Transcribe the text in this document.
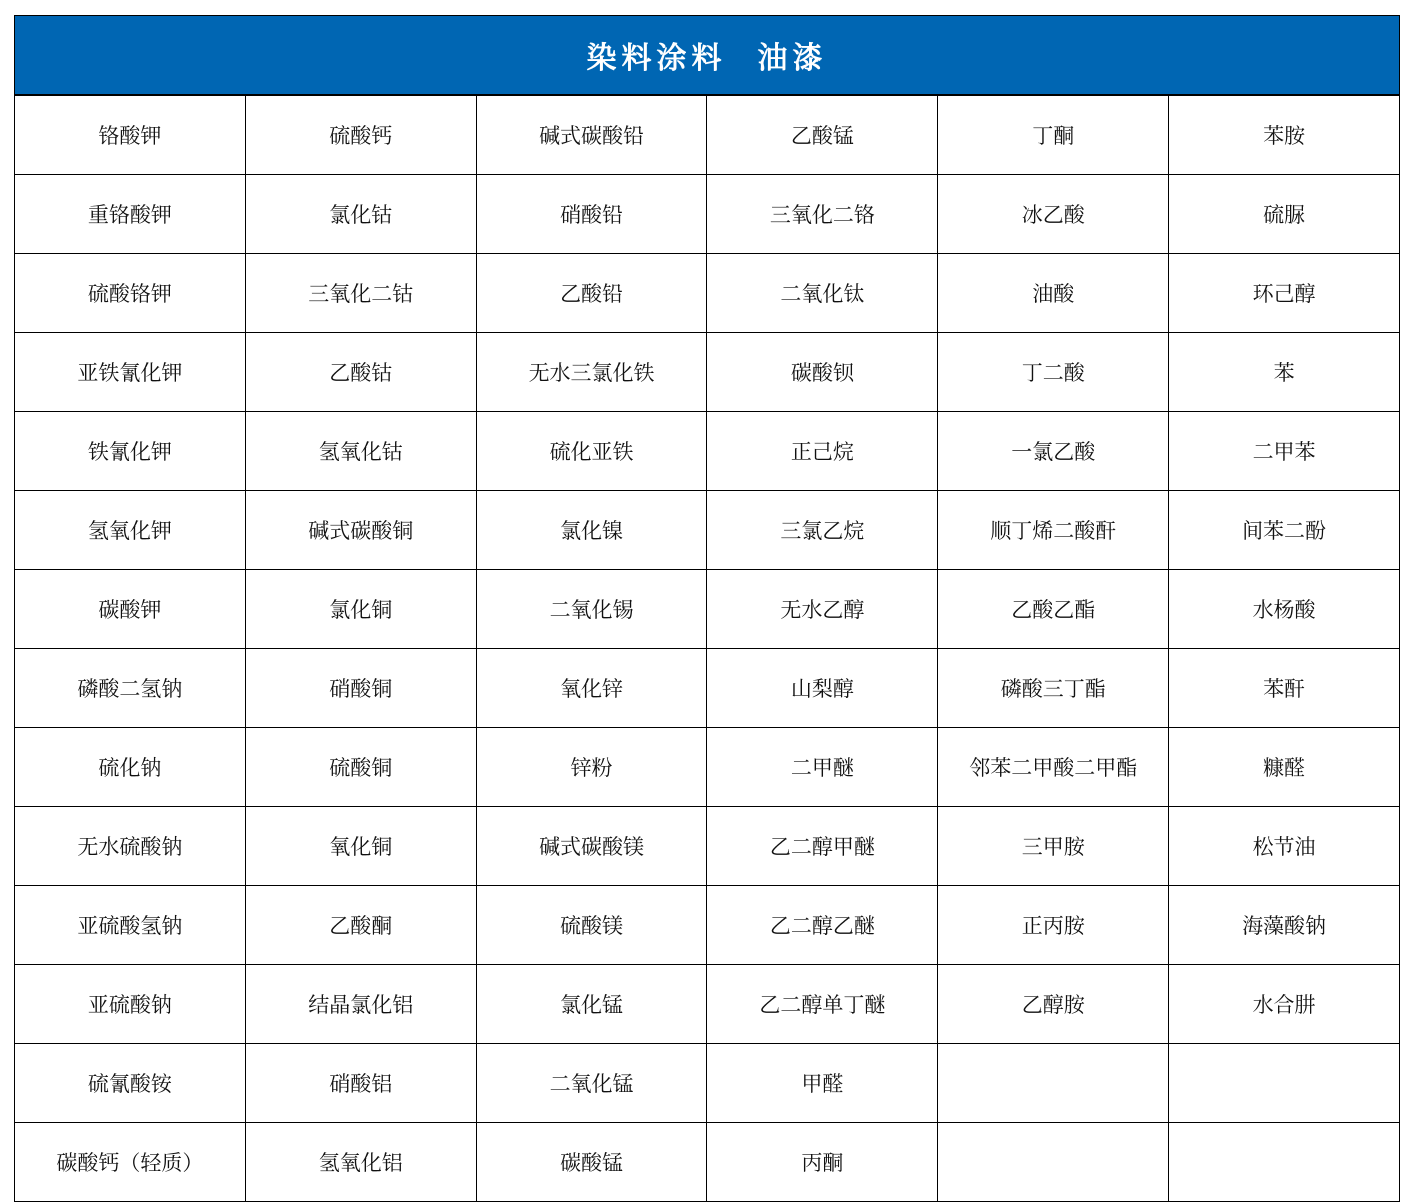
染料涂料  油漆
铬酸钾	硫酸钙	碱式碳酸铅	乙酸锰	丁酮	苯胺
重铬酸钾	氯化钴	硝酸铅	三氧化二铬	冰乙酸	硫脲
硫酸铬钾	三氧化二钴	乙酸铅	二氧化钛	油酸	环己醇
亚铁氰化钾	乙酸钴	无水三氯化铁	碳酸钡	丁二酸	苯
铁氰化钾	氢氧化钴	硫化亚铁	正己烷	一氯乙酸	二甲苯
氢氧化钾	碱式碳酸铜	氯化镍	三氯乙烷	顺丁烯二酸酐	间苯二酚
碳酸钾	氯化铜	二氧化锡	无水乙醇	乙酸乙酯	水杨酸
磷酸二氢钠	硝酸铜	氧化锌	山梨醇	磷酸三丁酯	苯酐
硫化钠	硫酸铜	锌粉	二甲醚	邻苯二甲酸二甲酯	糠醛
无水硫酸钠	氧化铜	碱式碳酸镁	乙二醇甲醚	三甲胺	松节油
亚硫酸氢钠	乙酸酮	硫酸镁	乙二醇乙醚	正丙胺	海藻酸钠
亚硫酸钠	结晶氯化铝	氯化锰	乙二醇单丁醚	乙醇胺	水合肼
硫氰酸铵	硝酸铝	二氧化锰	甲醛		
碳酸钙（轻质）	氢氧化铝	碳酸锰	丙酮		
